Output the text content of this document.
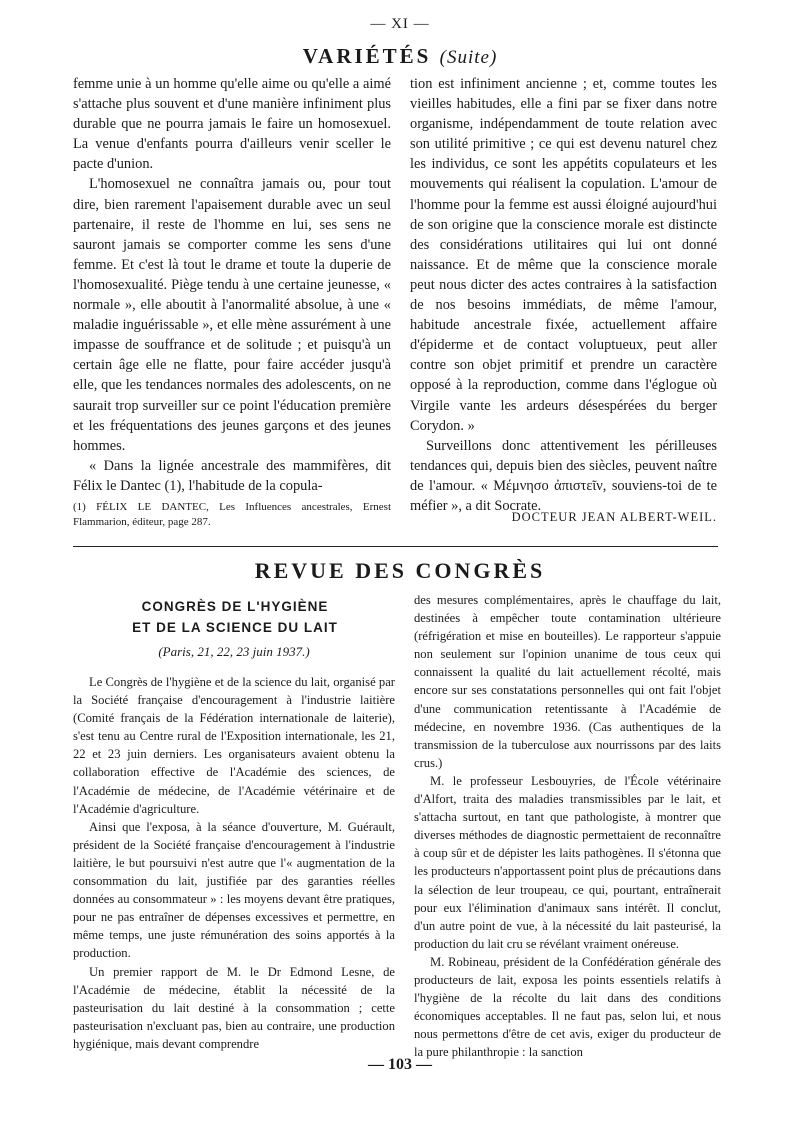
— XI —
VARIÉTÉS (Suite)

femme unie à un homme qu'elle aime ou qu'elle a aimé s'attache plus souvent et d'une manière infiniment plus durable que ne pourra jamais le faire un homosexuel. La venue d'enfants pourra d'ailleurs venir sceller le pacte d'union.

L'homosexuel ne connaîtra jamais ou, pour tout dire, bien rarement l'apaisement durable avec un seul partenaire, il reste de l'homme en lui, ses sens ne sauront jamais se comporter comme les sens d'une femme. Et c'est là tout le drame et toute la duperie de l'homosexualité. Piège tendu à une certaine jeunesse, « normale », elle aboutit à l'anormalité absolue, à une « maladie inguérissable », et elle mène assurément à une impasse de souffrance et de solitude ; et puisqu'à un certain âge elle ne flatte, pour faire accéder jusqu'à elle, que les tendances normales des adolescents, on ne saurait trop surveiller sur ce point l'éducation première et les fréquentations des jeunes garçons et des jeunes hommes.

« Dans la lignée ancestrale des mammifères, dit Félix le Dantec (1), l'habitude de la copula-

tion est infiniment ancienne ; et, comme toutes les vieilles habitudes, elle a fini par se fixer dans notre organisme, indépendamment de toute relation avec son utilité primitive ; ce qui est devenu naturel chez les individus, ce sont les appétits copulateurs et les mouvements qui réalisent la copulation. L'amour de l'homme pour la femme est aussi éloigné aujourd'hui de son origine que la conscience morale est distincte des considérations utilitaires qui lui ont donné naissance. Et de même que la conscience morale peut nous dicter des actes contraires à la satisfaction de nos besoins immédiats, de même l'amour, habitude ancestrale fixée, actuellement affaire d'épiderme et de contact voluptueux, peut aller contre son objet primitif et prendre un caractère opposé à la reproduction, comme dans l'églogue où Virgile vante les ardeurs désespérées du berger Corydon. »

Surveillons donc attentivement les périlleuses tendances qui, depuis bien des siècles, peuvent naître de l'amour. « Μέμνησο ἀπιστεῖν, souviens-toi de te méfier », a dit Socrate.

(1) FÉLIX LE DANTEC, Les Influences ancestrales, Ernest Flammarion, éditeur, page 287.	DOCTEUR JEAN ALBERT-WEIL.
REVUE DES CONGRÈS
CONGRÈS DE L'HYGIÈNE
ET DE LA SCIENCE DU LAIT
(Paris, 21, 22, 23 juin 1937.)

Le Congrès de l'hygiène et de la science du lait, organisé par la Société française d'encouragement à l'industrie laitière (Comité français de la Fédération internationale de laiterie), s'est tenu au Centre rural de l'Exposition internationale, les 21, 22 et 23 juin derniers. Les organisateurs avaient obtenu la collaboration effective de l'Académie des sciences, de l'Académie de médecine, de l'Académie vétérinaire et de l'Académie d'agriculture.

Ainsi que l'exposa, à la séance d'ouverture, M. Guérault, président de la Société française d'encouragement à l'industrie laitière, le but poursuivi n'est autre que l'« augmentation de la consommation du lait, justifiée par des garanties réelles données au consommateur » : les moyens devant être pratiques, pour ne pas entraîner de dépenses excessives et permettre, en même temps, une juste rémunération des soins apportés à la production.

Un premier rapport de M. le Dr Edmond Lesne, de l'Académie de médecine, établit la nécessité de la pasteurisation du lait destiné à la consommation ; cette pasteurisation n'excluant pas, bien au contraire, une production hygiénique, mais devant comprendre

des mesures complémentaires, après le chauffage du lait, destinées à empêcher toute contamination ultérieure (réfrigération et mise en bouteilles). Le rapporteur s'appuie non seulement sur l'opinion unanime de tous ceux qui connaissent la qualité du lait actuellement récolté, mais encore sur ses constatations personnelles qui ont fait l'objet d'une communication retentissante à l'Académie de médecine, en novembre 1936. (Cas authentiques de la transmission de la tuberculose aux nourrissons par des laits crus.)

M. le professeur Lesbouyries, de l'École vétérinaire d'Alfort, traita des maladies transmissibles par le lait, et s'attacha surtout, en tant que pathologiste, à montrer que diverses méthodes de diagnostic permettaient de reconnaître à coup sûr et de dépister les laits pathogènes. Il s'étonna que les producteurs n'apportassent point plus de précautions dans la sélection de leur troupeau, ce qui, pourtant, entraînerait pour eux l'élimination d'animaux sans intérêt. Il conclut, d'un autre point de vue, à la nécessité du lait pasteurisé, la production du lait cru se révélant vraiment onéreuse.

M. Robineau, président de la Confédération générale des producteurs de lait, exposa les points essentiels relatifs à l'hygiène de la récolte du lait dans des conditions économiques acceptables. Il ne faut pas, selon lui, et nous nous permettons d'être de cet avis, exiger du producteur de la pure philanthropie : la sanction

— 103 —
